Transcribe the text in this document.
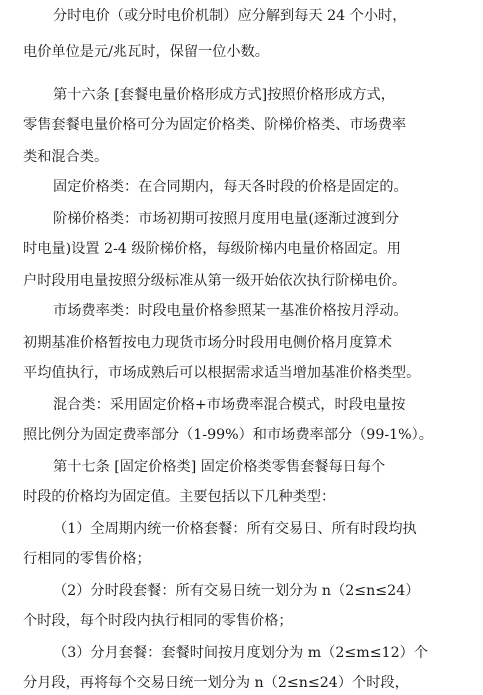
分时电价（或分时电价机制）应分解到每天 24 个小时，
电价单位是元/兆瓦时，保留一位小数。
第十六条 [套餐电量价格形成方式]按照价格形成方式，
零售套餐电量价格可分为固定价格类、阶梯价格类、市场费率
类和混合类。
固定价格类：在合同期内，每天各时段的价格是固定的。
阶梯价格类：市场初期可按照月度用电量(逐渐过渡到分
时电量)设置 2-4 级阶梯价格，每级阶梯内电量价格固定。用
户时段用电量按照分级标准从第一级开始依次执行阶梯电价。
市场费率类：时段电量价格参照某一基准价格按月浮动。
初期基准价格暂按电力现货市场分时段用电侧价格月度算术
平均值执行，市场成熟后可以根据需求适当增加基准价格类型。
混合类：采用固定价格+市场费率混合模式，时段电量按
照比例分为固定费率部分（1-99%）和市场费率部分（99-1%）。
第十七条 [固定价格类] 固定价格类零售套餐每日每个
时段的价格均为固定值。主要包括以下几种类型：
（1）全周期内统一价格套餐：所有交易日、所有时段均执
行相同的零售价格；
（2）分时段套餐：所有交易日统一划分为 n（2≤n≤24）
个时段，每个时段内执行相同的零售价格；
（3）分月套餐：套餐时间按月度划分为 m（2≤m≤12）个
分月段，再将每个交易日统一划分为 n（2≤n≤24）个时段，
